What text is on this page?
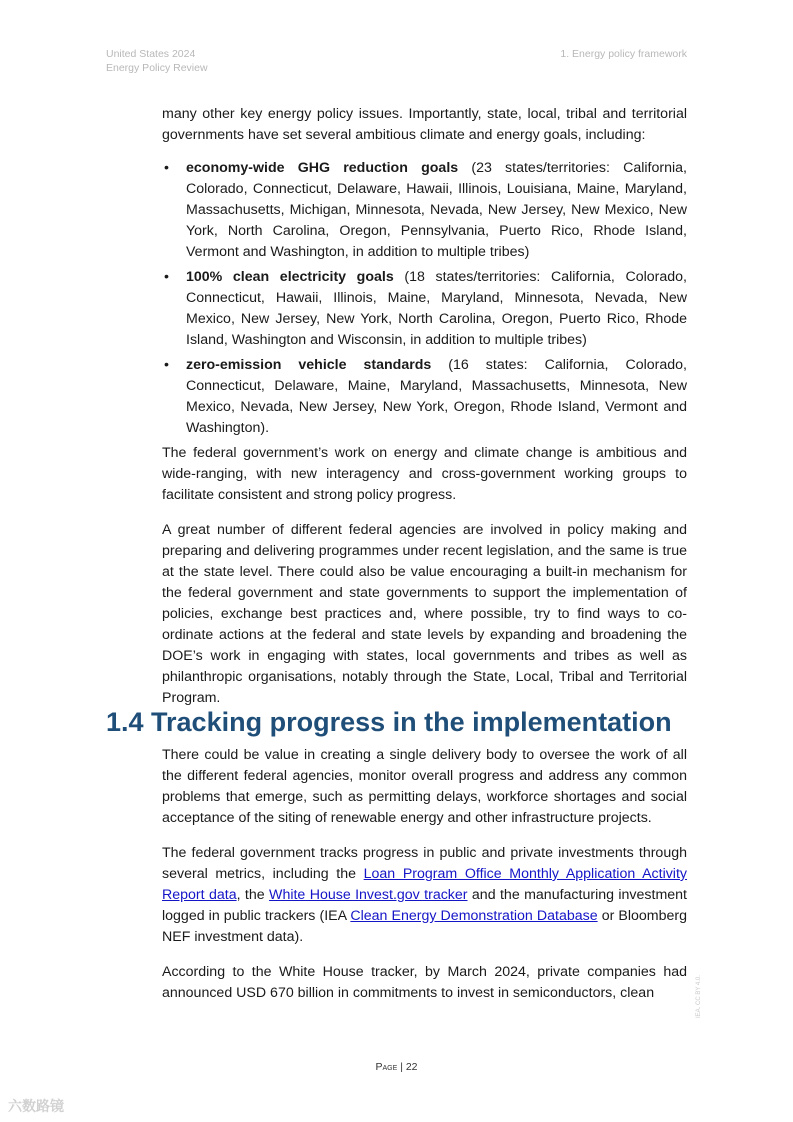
United States 2024
Energy Policy Review
1. Energy policy framework

many other key energy policy issues. Importantly, state, local, tribal and territorial governments have set several ambitious climate and energy goals, including:

• economy-wide GHG reduction goals (23 states/territories: California, Colorado, Connecticut, Delaware, Hawaii, Illinois, Louisiana, Maine, Maryland, Massachusetts, Michigan, Minnesota, Nevada, New Jersey, New Mexico, New York, North Carolina, Oregon, Pennsylvania, Puerto Rico, Rhode Island, Vermont and Washington, in addition to multiple tribes)
• 100% clean electricity goals (18 states/territories: California, Colorado, Connecticut, Hawaii, Illinois, Maine, Maryland, Minnesota, Nevada, New Mexico, New Jersey, New York, North Carolina, Oregon, Puerto Rico, Rhode Island, Washington and Wisconsin, in addition to multiple tribes)
• zero-emission vehicle standards (16 states: California, Colorado, Connecticut, Delaware, Maine, Maryland, Massachusetts, Minnesota, New Mexico, Nevada, New Jersey, New York, Oregon, Rhode Island, Vermont and Washington).

The federal government’s work on energy and climate change is ambitious and wide-ranging, with new interagency and cross-government working groups to facilitate consistent and strong policy progress.

A great number of different federal agencies are involved in policy making and preparing and delivering programmes under recent legislation, and the same is true at the state level. There could also be value encouraging a built-in mechanism for the federal government and state governments to support the implementation of policies, exchange best practices and, where possible, try to find ways to co-ordinate actions at the federal and state levels by expanding and broadening the DOE’s work in engaging with states, local governments and tribes as well as philanthropic organisations, notably through the State, Local, Tribal and Territorial Program.

1.4 Tracking progress in the implementation

There could be value in creating a single delivery body to oversee the work of all the different federal agencies, monitor overall progress and address any common problems that emerge, such as permitting delays, workforce shortages and social acceptance of the siting of renewable energy and other infrastructure projects.

The federal government tracks progress in public and private investments through several metrics, including the Loan Program Office Monthly Application Activity Report data, the White House Invest.gov tracker and the manufacturing investment logged in public trackers (IEA Clean Energy Demonstration Database or Bloomberg NEF investment data).

According to the White House tracker, by March 2024, private companies had announced USD 670 billion in commitments to invest in semiconductors, clean

Page | 22
IEA. CC BY 4.0.
六数路镜
